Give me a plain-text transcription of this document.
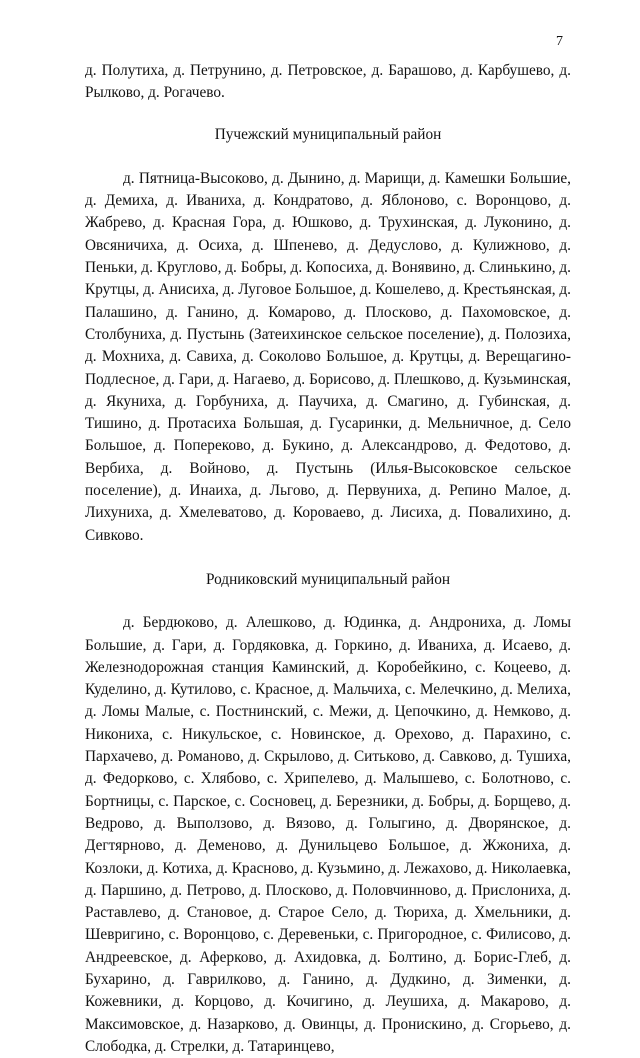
7

д. Полутиха, д. Петрунино, д. Петровское, д. Барашово, д. Карбушево, д. Рылково, д. Рогачево.

Пучежский муниципальный район

д. Пятница-Высоково, д. Дынино, д. Марищи, д. Камешки Большие, д. Демиха, д. Иваниха, д. Кондратово, д. Яблоново, с. Воронцово, д. Жабрево, д. Красная Гора, д. Юшково, д. Трухинская, д. Луконино, д. Овсяничиха, д. Осиха, д. Шпенево, д. Дедуслово, д. Кулижново, д. Пеньки, д. Круглово, д. Бобры, д. Копосиха, д. Вонявино, д. Слинькино, д. Крутцы, д. Анисиха, д. Луговое Большое, д. Кошелево, д. Крестьянская, д. Палашино, д. Ганино, д. Комарово, д. Плосково, д. Пахомовское, д. Столбуниха, д. Пустынь (Затеихинское сельское поселение), д. Полозиха, д. Мохниха, д. Савиха, д. Соколово Большое, д. Крутцы, д. Верещагино-Подлесное, д. Гари, д. Нагаево, д. Борисово, д. Плешково, д. Кузьминская, д. Якуниха, д. Горбуниха, д. Паучиха, д. Смагино, д. Губинская, д. Тишино, д. Протасиха Большая, д. Гусаринки, д. Мельничное, д. Село Большое, д. Попереково, д. Букино, д. Александрово, д. Федотово, д. Вербиха, д. Войново, д. Пустынь (Илья-Высоковское сельское поселение), д. Инаиха, д. Льгово, д. Первуниха, д. Репино Малое, д. Лихуниха, д. Хмелеватово, д. Короваево, д. Лисиха, д. Повалихино, д. Сивково.

Родниковский муниципальный район

д. Бердюково, д. Алешково, д. Юдинка, д. Андрониха, д. Ломы Большие, д. Гари, д. Гордяковка, д. Горкино, д. Иваниха, д. Исаево, д. Железнодорожная станция Каминский, д. Коробейкино, с. Коцеево, д. Куделино, д. Кутилово, с. Красное, д. Мальчиха, с. Мелечкино, д. Мелиха, д. Ломы Малые, с. Постнинский, с. Межи, д. Цепочкино, д. Немково, д. Никониха, с. Никульское, с. Новинское, д. Орехово, д. Парахино, с. Пархачево, д. Романово, д. Скрылово, д. Ситьково, д. Савково, д. Тушиха, д. Федорково, с. Хлябово, с. Хрипелево, д. Малышево, с. Болотново, с. Бортницы, с. Парское, с. Сосновец, д. Березники, д. Бобры, д. Борщево, д. Ведрово, д. Выползово, д. Вязово, д. Голыгино, д. Дворянское, д. Дегтярново, д. Деменово, д. Дунильцево Большое, д. Жжониха, д. Козлоки, д. Котиха, д. Красново, д. Кузьмино, д. Лежахово, д. Николаевка, д. Паршино, д. Петрово, д. Плосково, д. Половчинново, д. Прислониха, д. Раставлево, д. Становое, д. Старое Село, д. Тюриха, д. Хмельники, д. Шевригино, с. Воронцово, с. Деревеньки, с. Пригородное, с. Филисово, д. Андреевское, д. Аферково, д. Ахидовка, д. Болтино, д. Борис-Глеб, д. Бухарино, д. Гаврилково, д. Ганино, д. Дудкино, д. Зименки, д. Кожевники, д. Корцово, д. Кочигино, д. Леушиха, д. Макарово, д. Максимовское, д. Назарково, д. Овинцы, д. Пронискино, д. Сгорьево, д. Слободка, д. Стрелки, д. Татаринцево,
